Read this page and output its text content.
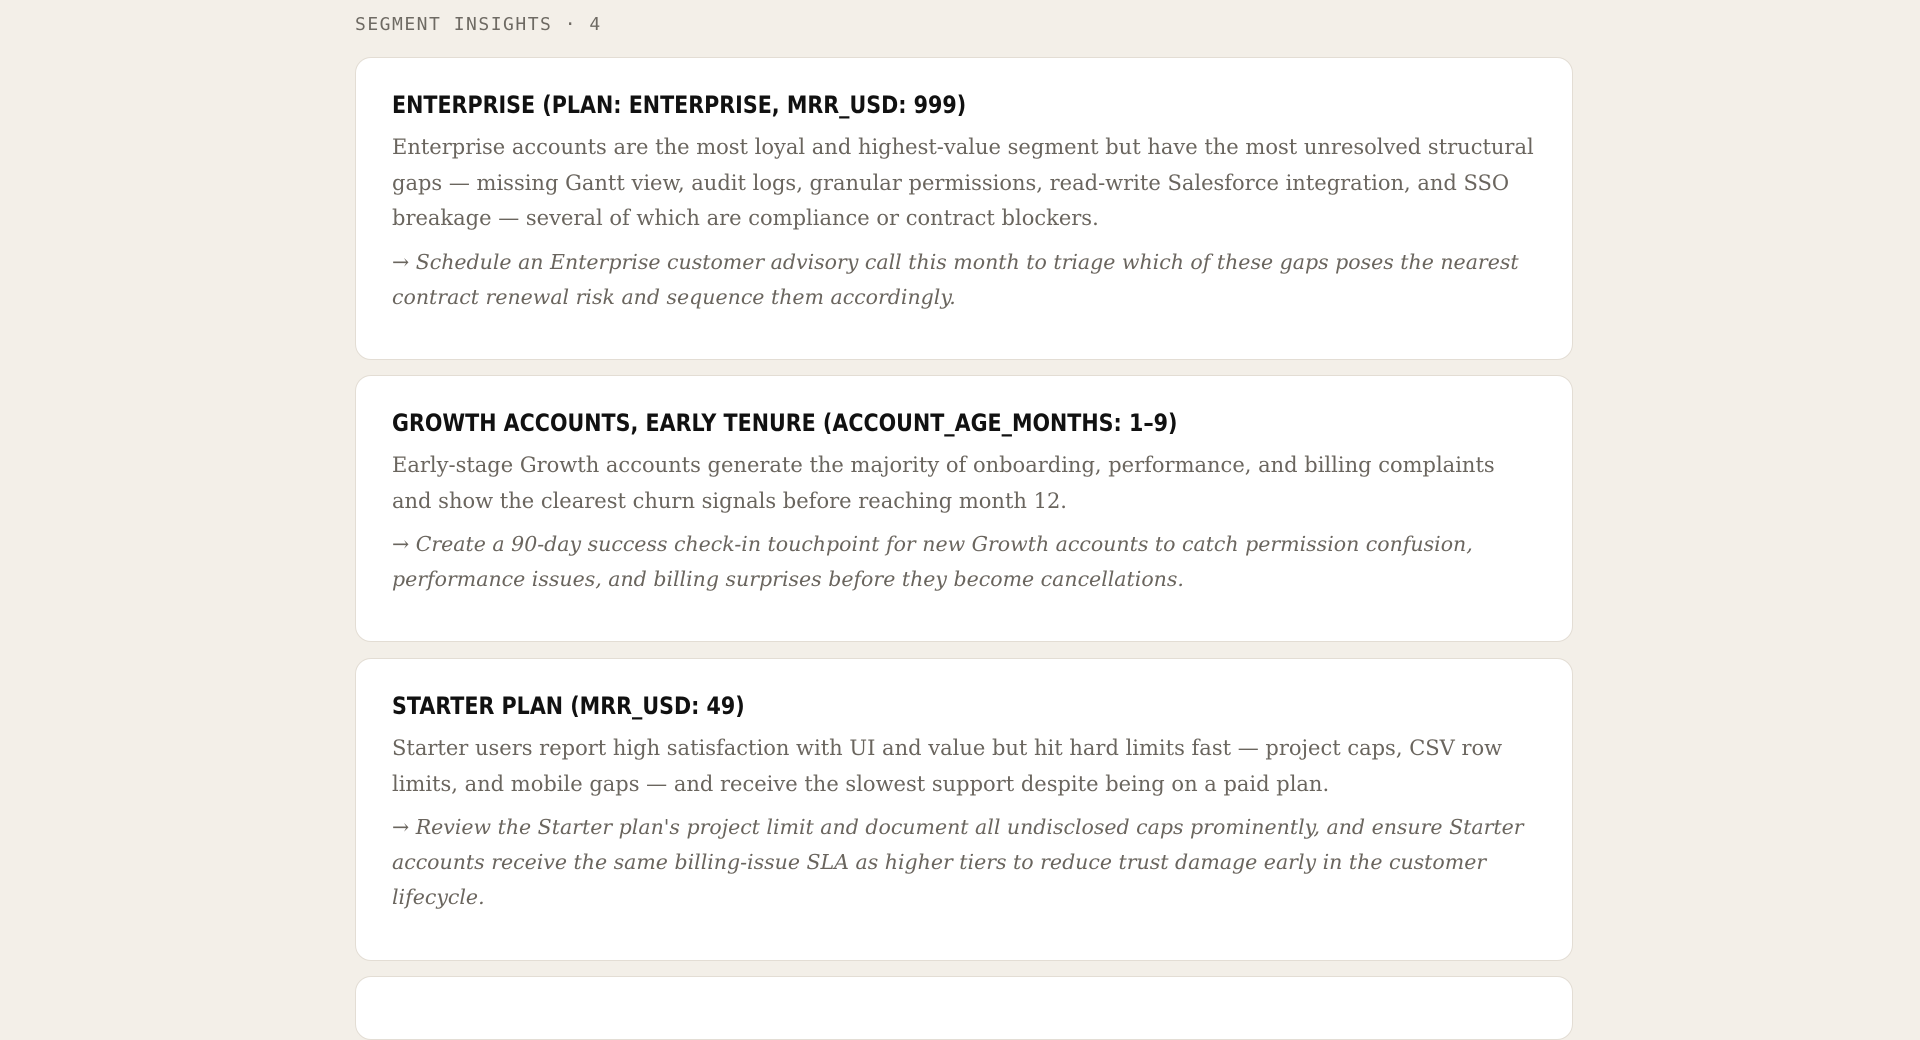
SEGMENT INSIGHTS · 4
ENTERPRISE (PLAN: ENTERPRISE, MRR_USD: 999)
Enterprise accounts are the most loyal and highest-value segment but have the most unresolved structural gaps — missing Gantt view, audit logs, granular permissions, read-write Salesforce integration, and SSO breakage — several of which are compliance or contract blockers.
→ Schedule an Enterprise customer advisory call this month to triage which of these gaps poses the nearest contract renewal risk and sequence them accordingly.
GROWTH ACCOUNTS, EARLY TENURE (ACCOUNT_AGE_MONTHS: 1–9)
Early-stage Growth accounts generate the majority of onboarding, performance, and billing complaints and show the clearest churn signals before reaching month 12.
→ Create a 90-day success check-in touchpoint for new Growth accounts to catch permission confusion, performance issues, and billing surprises before they become cancellations.
STARTER PLAN (MRR_USD: 49)
Starter users report high satisfaction with UI and value but hit hard limits fast — project caps, CSV row limits, and mobile gaps — and receive the slowest support despite being on a paid plan.
→ Review the Starter plan's project limit and document all undisclosed caps prominently, and ensure Starter accounts receive the same billing-issue SLA as higher tiers to reduce trust damage early in the customer lifecycle.
